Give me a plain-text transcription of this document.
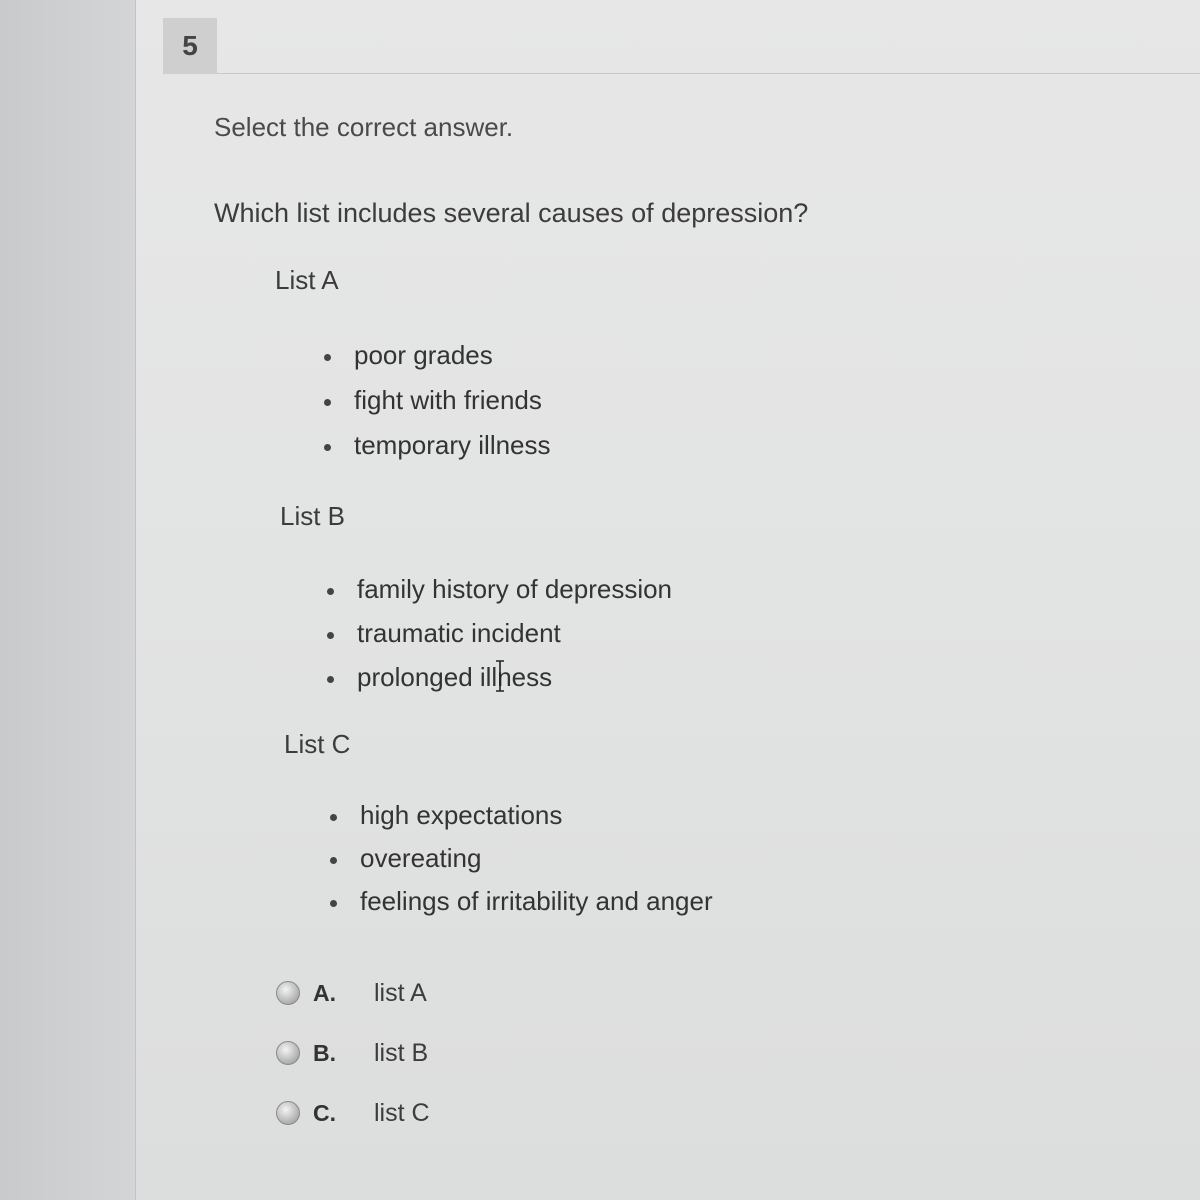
5
Select the correct answer.
Which list includes several causes of depression?
List A
poor grades
fight with friends
temporary illness
List B
family history of depression
traumatic incident
prolonged illness
List C
high expectations
overeating
feelings of irritability and anger
A. list A
B. list B
C. list C
